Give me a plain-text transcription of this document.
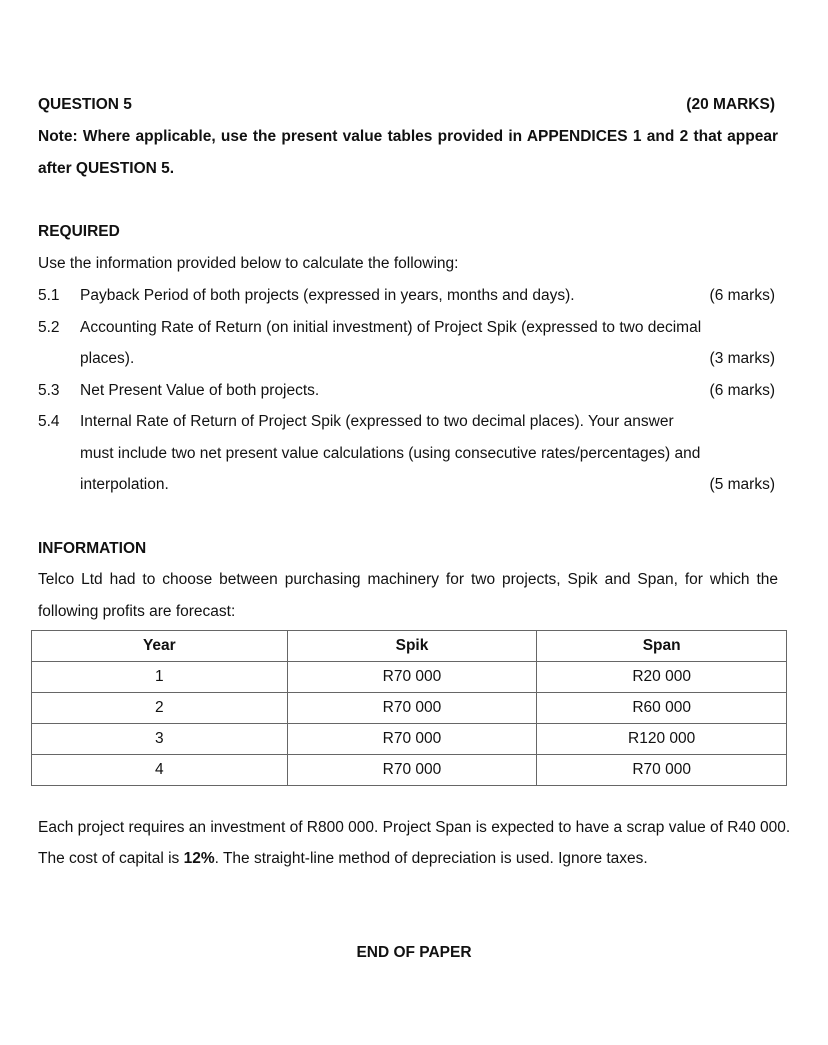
QUESTION 5	(20 MARKS)
Note: Where applicable, use the present value tables provided in APPENDICES 1 and 2 that appear
after QUESTION 5.
REQUIRED
Use the information provided below to calculate the following:
5.1 Payback Period of both projects (expressed in years, months and days).	(6 marks)
5.2 Accounting Rate of Return (on initial investment) of Project Spik (expressed to two decimal
places).	(3 marks)
5.3 Net Present Value of both projects.	(6 marks)
5.4 Internal Rate of Return of Project Spik (expressed to two decimal places). Your answer
must include two net present value calculations (using consecutive rates/percentages) and
interpolation.	(5 marks)
INFORMATION
Telco Ltd had to choose between purchasing machinery for two projects, Spik and Span, for which the
following profits are forecast:
Year	Spik	Span
1	R70 000	R20 000
2	R70 000	R60 000
3	R70 000	R120 000
4	R70 000	R70 000
Each project requires an investment of R800 000. Project Span is expected to have a scrap value of R40 000.
The cost of capital is 12%. The straight-line method of depreciation is used. Ignore taxes.
END OF PAPER
